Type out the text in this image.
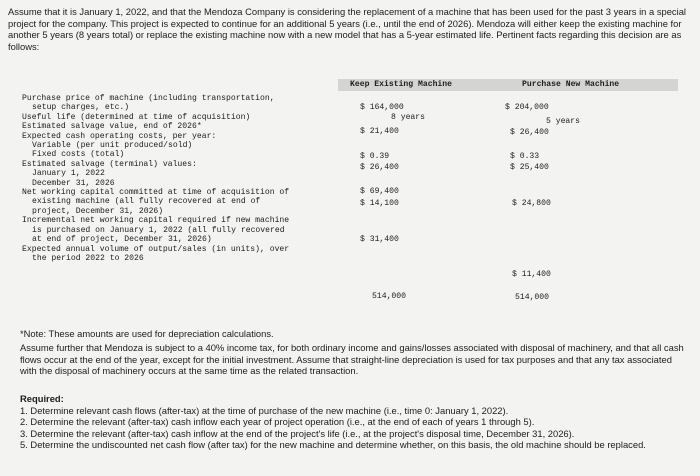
Assume that it is January 1, 2022, and that the Mendoza Company is considering the replacement of a machine that has been used for the past 3 years in a special project for the company. This project is expected to continue for an additional 5 years (i.e., until the end of 2026). Mendoza will either keep the existing machine for another 5 years (8 years total) or replace the existing machine now with a new model that has a 5-year estimated life. Pertinent facts regarding this decision are as follows:

Keep Existing Machine	Purchase New Machine
Purchase price of machine (including transportation,
setup charges, etc.)
Useful life (determined at time of acquisition)
Estimated salvage value, end of 2026*
Expected cash operating costs, per year:
Variable (per unit produced/sold)
Fixed costs (total)
Estimated salvage (terminal) values:
January 1, 2022
December 31, 2026
Net working capital committed at time of acquisition of
existing machine (all fully recovered at end of
project, December 31, 2026)
Incremental net working capital required if new machine
is purchased on January 1, 2022 (all fully recovered
at end of project, December 31, 2026)
Expected annual volume of output/sales (in units), over
the period 2022 to 2026
$ 164,000
8 years
$ 21,400
$ 0.39
$ 26,400
$ 69,400
$ 14,100
$ 31,400
514,000
$ 204,000
5 years
$ 26,400
$ 0.33
$ 25,400
$ 24,800
$ 11,400
514,000

*Note: These amounts are used for depreciation calculations.

Assume further that Mendoza is subject to a 40% income tax, for both ordinary income and gains/losses associated with disposal of machinery, and that all cash flows occur at the end of the year, except for the initial investment. Assume that straight-line depreciation is used for tax purposes and that any tax associated with the disposal of machinery occurs at the same time as the related transaction.

Required:
1. Determine relevant cash flows (after-tax) at the time of purchase of the new machine (i.e., time 0: January 1, 2022).
2. Determine the relevant (after-tax) cash inflow each year of project operation (i.e., at the end of each of years 1 through 5).
3. Determine the relevant (after-tax) cash inflow at the end of the project's life (i.e., at the project's disposal time, December 31, 2026).
5. Determine the undiscounted net cash flow (after tax) for the new machine and determine whether, on this basis, the old machine should be replaced.
